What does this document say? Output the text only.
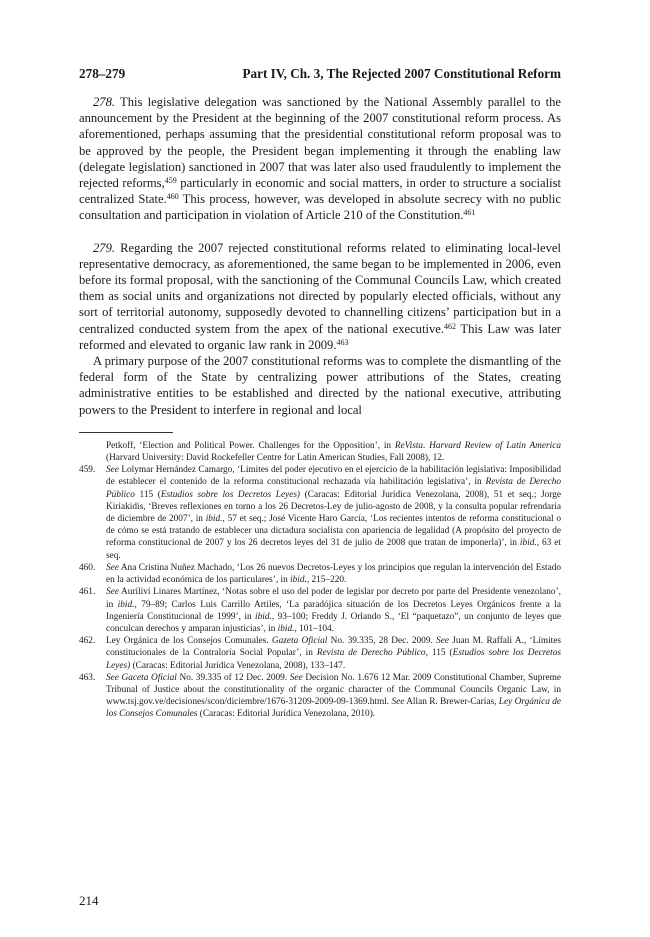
278–279	Part IV, Ch. 3, The Rejected 2007 Constitutional Reform

278. This legislative delegation was sanctioned by the National Assembly parallel to the announcement by the President at the beginning of the 2007 constitutional reform process. As aforementioned, perhaps assuming that the presidential constitutional reform proposal was to be approved by the people, the President began implementing it through the enabling law (delegate legislation) sanctioned in 2007 that was later also used fraudulently to implement the rejected reforms,$^{459}$ particularly in economic and social matters, in order to structure a socialist centralized State.$^{460}$ This process, however, was developed in absolute secrecy with no public consultation and participation in violation of Article 210 of the Constitution.$^{461}$

279. Regarding the 2007 rejected constitutional reforms related to eliminating local-level representative democracy, as aforementioned, the same began to be implemented in 2006, even before its formal proposal, with the sanctioning of the Communal Councils Law, which created them as social units and organizations not directed by popularly elected officials, without any sort of territorial autonomy, supposedly devoted to channelling citizens’ participation but in a centralized conducted system from the apex of the national executive.$^{462}$ This Law was later reformed and elevated to organic law rank in 2009.$^{463}$

A primary purpose of the 2007 constitutional reforms was to complete the dismantling of the federal form of the State by centralizing power attributions of the States, creating administrative entities to be established and directed by the national executive, attributing powers to the President to interfere in regional and local

Petkoff, ‘Election and Political Power. Challenges for the Opposition’, in ReVista. Harvard Review of Latin America (Harvard University: David Rockefeller Centre for Latin American Studies, Fall 2008), 12.
459.	See Lolymar Hernández Camargo, ‘Límites del poder ejecutivo en el ejercicio de la habilitación legislativa: Imposibilidad de establecer el contenido de la reforma constitucional rechazada vía habilitación legislativa’, in Revista de Derecho Público 115 (Estudios sobre los Decretos Leyes) (Caracas: Editorial Jurídica Venezolana, 2008), 51 et seq.; Jorge Kiriakidis, ‘Breves reflexiones en torno a los 26 Decretos-Ley de julio-agosto de 2008, y la consulta popular refrendaria de diciembre de 2007’, in ibid., 57 et seq.; José Vicente Haro García, ‘Los recientes intentos de reforma constitucional o de cómo se está tratando de establecer una dictadura socialista con apariencia de legalidad (A propósito del proyecto de reforma constitucional de 2007 y los 26 decretos leyes del 31 de julio de 2008 que tratan de imponerla)’, in ibid., 63 et seq.
460.	See Ana Cristina Nuñez Machado, ‘Los 26 nuevos Decretos-Leyes y los principios que regulan la intervención del Estado en la actividad económica de los particulares’, in ibid., 215–220.
461.	See Aurilivi Linares Martínez, ‘Notas sobre el uso del poder de legislar por decreto por parte del Presidente venezolano’, in ibid., 79–89; Carlos Luis Carrillo Artiles, ‘La paradójica situación de los Decretos Leyes Orgánicos frente a la Ingeniería Constitucional de 1999’, in ibid., 93–100; Freddy J. Orlando S., ‘El “paquetazo”, un conjunto de leyes que conculcan derechos y amparan injusticias’, in ibid., 101–104.
462.	Ley Orgánica de los Consejos Comunales. Gazeta Oficial No. 39.335, 28 Dec. 2009. See Juan M. Raffali A., ‘Límites constitucionales de la Contraloría Social Popular’, in Revista de Derecho Público, 115 (Estudios sobre los Decretos Leyes) (Caracas: Editorial Jurídica Venezolana, 2008), 133–147.
463.	See Gaceta Oficial No. 39.335 of 12 Dec. 2009. See Decision No. 1.676 12 Mar. 2009 Constitutional Chamber, Supreme Tribunal of Justice about the constitutionality of the organic character of the Communal Councils Organic Law, in www.tsj.gov.ve/decisiones/scon/diciembre/1676-31209-2009-09-1369.html. See Allan R. Brewer-Carías, Ley Orgánica de los Consejos Comunales (Caracas: Editorial Jurídica Venezolana, 2010).
214
